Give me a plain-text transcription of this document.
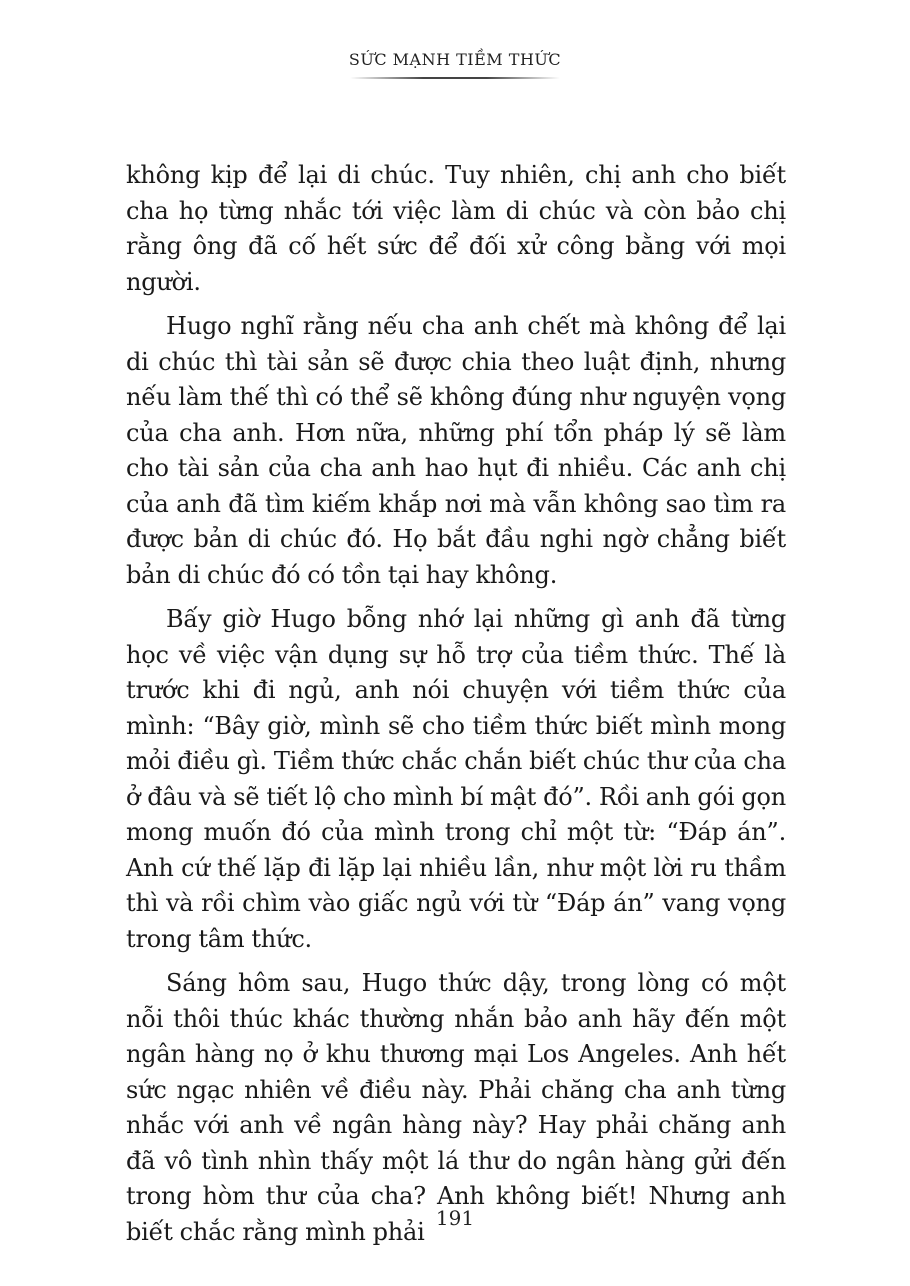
SỨC MẠNH TIỀM THỨC

không kịp để lại di chúc. Tuy nhiên, chị anh cho biết cha họ từng nhắc tới việc làm di chúc và còn bảo chị rằng ông đã cố hết sức để đối xử công bằng với mọi người.

Hugo nghĩ rằng nếu cha anh chết mà không để lại di chúc thì tài sản sẽ được chia theo luật định, nhưng nếu làm thế thì có thể sẽ không đúng như nguyện vọng của cha anh. Hơn nữa, những phí tổn pháp lý sẽ làm cho tài sản của cha anh hao hụt đi nhiều. Các anh chị của anh đã tìm kiếm khắp nơi mà vẫn không sao tìm ra được bản di chúc đó. Họ bắt đầu nghi ngờ chẳng biết bản di chúc đó có tồn tại hay không.

Bấy giờ Hugo bỗng nhớ lại những gì anh đã từng học về việc vận dụng sự hỗ trợ của tiềm thức. Thế là trước khi đi ngủ, anh nói chuyện với tiềm thức của mình: “Bây giờ, mình sẽ cho tiềm thức biết mình mong mỏi điều gì. Tiềm thức chắc chắn biết chúc thư của cha ở đâu và sẽ tiết lộ cho mình bí mật đó”. Rồi anh gói gọn mong muốn đó của mình trong chỉ một từ: “Đáp án”. Anh cứ thế lặp đi lặp lại nhiều lần, như một lời ru thầm thì và rồi chìm vào giấc ngủ với từ “Đáp án” vang vọng trong tâm thức.

Sáng hôm sau, Hugo thức dậy, trong lòng có một nỗi thôi thúc khác thường nhắn bảo anh hãy đến một ngân hàng nọ ở khu thương mại Los Angeles. Anh hết sức ngạc nhiên về điều này. Phải chăng cha anh từng nhắc với anh về ngân hàng này? Hay phải chăng anh đã vô tình nhìn thấy một lá thư do ngân hàng gửi đến trong hòm thư của cha? Anh không biết! Nhưng anh biết chắc rằng mình phải 191
